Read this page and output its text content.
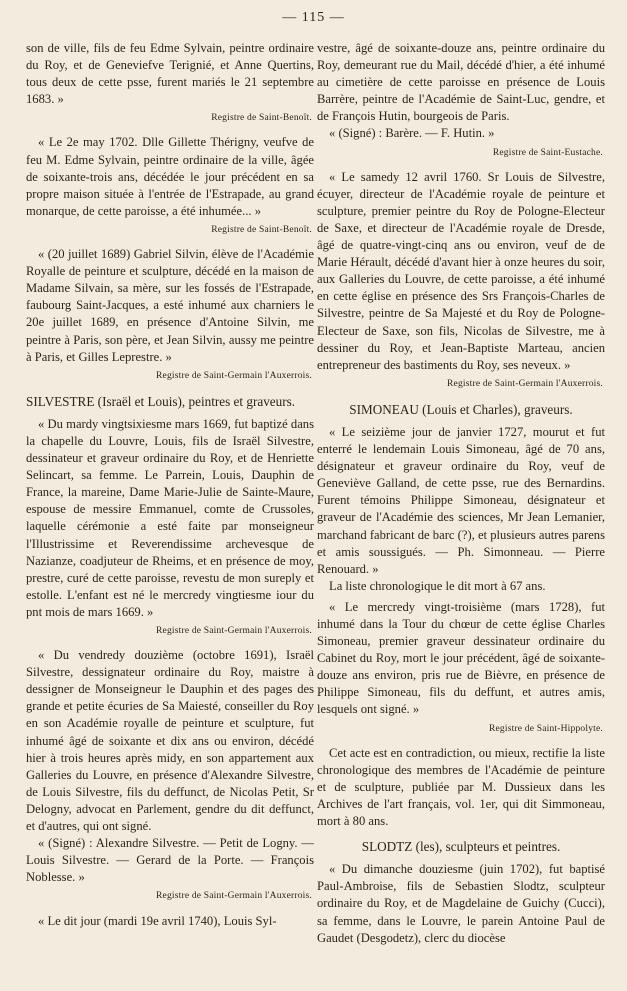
— 115 —

son de ville, fils de feu Edme Sylvain, peintre ordinaire du Roy, et de Geneviefve Terignié, et Anne Quertins, tous deux de cette psse, furent mariés le 21 septembre 1683. »

Registre de Saint-Benoît.

« Le 2e may 1702. Dlle Gillette Thérigny, veufve de feu M. Edme Sylvain, peintre ordinaire de la ville, âgée de soixante-trois ans, décédée le jour précédent en sa propre maison située à l'entrée de l'Estrapade, au grand monarque, de cette paroisse, a été inhumée... »

Registre de Saint-Benoît.

« (20 juillet 1689) Gabriel Silvin, élève de l'Académie Royalle de peinture et sculpture, décédé en la maison de Madame Silvain, sa mère, sur les fossés de l'Estrapade, faubourg Saint-Jacques, a esté inhumé aux charniers le 20e juillet 1689, en présence d'Antoine Silvin, me peintre à Paris, son père, et Jean Silvin, aussy me peintre à Paris, et Gilles Leprestre. »

Registre de Saint-Germain l'Auxerrois.

SILVESTRE (Israël et Louis), peintres et graveurs.

« Du mardy vingtsixiesme mars 1669, fut baptizé dans la chapelle du Louvre, Louis, fils de Israël Silvestre, dessinateur et graveur ordinaire du Roy, et de Henriette Selincart, sa femme. Le Parrein, Louis, Dauphin de France, la mareine, Dame Marie-Julie de Sainte-Maure, espouse de messire Emmanuel, comte de Crussoles, laquelle cérémonie a esté faite par monseigneur l'Illustrissime et Reverendissime archevesque de Nazianze, coadjuteur de Rheims, et en présence de moy, prestre, curé de cette paroisse, revestu de mon sureply et estolle. L'enfant est né le mercredy vingtiesme iour du pnt mois de mars 1669. »

Registre de Saint-Germain l'Auxerrois.

« Du vendredy douzième (octobre 1691), Israël Silvestre, dessignateur ordinaire du Roy, maistre à dessigner de Monseigneur le Dauphin et des pages des grande et petite écuries de Sa Maiesté, conseiller du Roy en son Académie royalle de peinture et sculpture, fut inhumé âgé de soixante et dix ans ou environ, décédé hier à trois heures après midy, en son appartement aux Galleries du Louvre, en présence d'Alexandre Silvestre, de Louis Silvestre, fils du deffunct, de Nicolas Petit, Sr Delogny, advocat en Parlement, gendre du dit deffunct, et d'autres, qui ont signé.

« (Signé) : Alexandre Silvestre. — Petit de Logny. — Louis Silvestre. — Gerard de la Porte. — François Noblesse. »

Registre de Saint-Germain l'Auxerrois.

« Le dit jour (mardi 19e avril 1740), Louis Syl-

vestre, âgé de soixante-douze ans, peintre ordinaire du Roy, demeurant rue du Mail, décédé d'hier, a été inhumé au cimetière de cette paroisse en présence de Louis Barrère, peintre de l'Académie de Saint-Luc, gendre, et de François Hutin, bourgeois de Paris.

« (Signé) : Barère. — F. Hutin. »

Registre de Saint-Eustache.

« Le samedy 12 avril 1760. Sr Louis de Silvestre, écuyer, directeur de l'Académie royale de peinture et sculpture, premier peintre du Roy de Pologne-Electeur de Saxe, et directeur de l'Académie royale de Dresde, âgé de quatre-vingt-cinq ans ou environ, veuf de de Marie Hérault, décédé d'avant hier à onze heures du soir, aux Galleries du Louvre, de cette paroisse, a été inhumé en cette église en présence des Srs François-Charles de Silvestre, peintre de Sa Majesté et du Roy de Pologne-Electeur de Saxe, son fils, Nicolas de Silvestre, me à dessiner du Roy, et Jean-Baptiste Marteau, ancien entrepreneur des bastiments du Roy, ses neveux. »

Registre de Saint-Germain l'Auxerrois.

SIMONEAU (Louis et Charles), graveurs.

« Le seizième jour de janvier 1727, mourut et fut enterré le lendemain Louis Simoneau, âgé de 70 ans, désignateur et graveur ordinaire du Roy, veuf de Geneviève Galland, de cette psse, rue des Bernardins. Furent témoins Philippe Simoneau, désignateur et graveur de l'Académie des sciences, Mr Jean Lemanier, marchand fabricant de barc (?), et plusieurs autres parens et amis soussigués. — Ph. Simonneau. — Pierre Renouard. »

La liste chronologique le dit mort à 67 ans.

« Le mercredy vingt-troisième (mars 1728), fut inhumé dans la Tour du chœur de cette église Charles Simoneau, premier graveur dessinateur ordinaire du Cabinet du Roy, mort le jour précédent, âgé de soixante-douze ans environ, pris rue de Bièvre, en présence de Philippe Simoneau, fils du deffunt, et autres amis, lesquels ont signé. »

Registre de Saint-Hippolyte.

Cet acte est en contradiction, ou mieux, rectifie la liste chronologique des membres de l'Académie de peinture et de sculpture, publiée par M. Dussieux dans les Archives de l'art français, vol. 1er, qui dit Simmoneau, mort à 80 ans.

SLODTZ (les), sculpteurs et peintres.

« Du dimanche douziesme (juin 1702), fut baptisé Paul-Ambroise, fils de Sebastien Slodtz, sculpteur ordinaire du Roy, et de Magdelaine de Guichy (Cucci), sa femme, dans le Louvre, le parein Antoine Paul de Gaudet (Desgodetz), clerc du diocèse
